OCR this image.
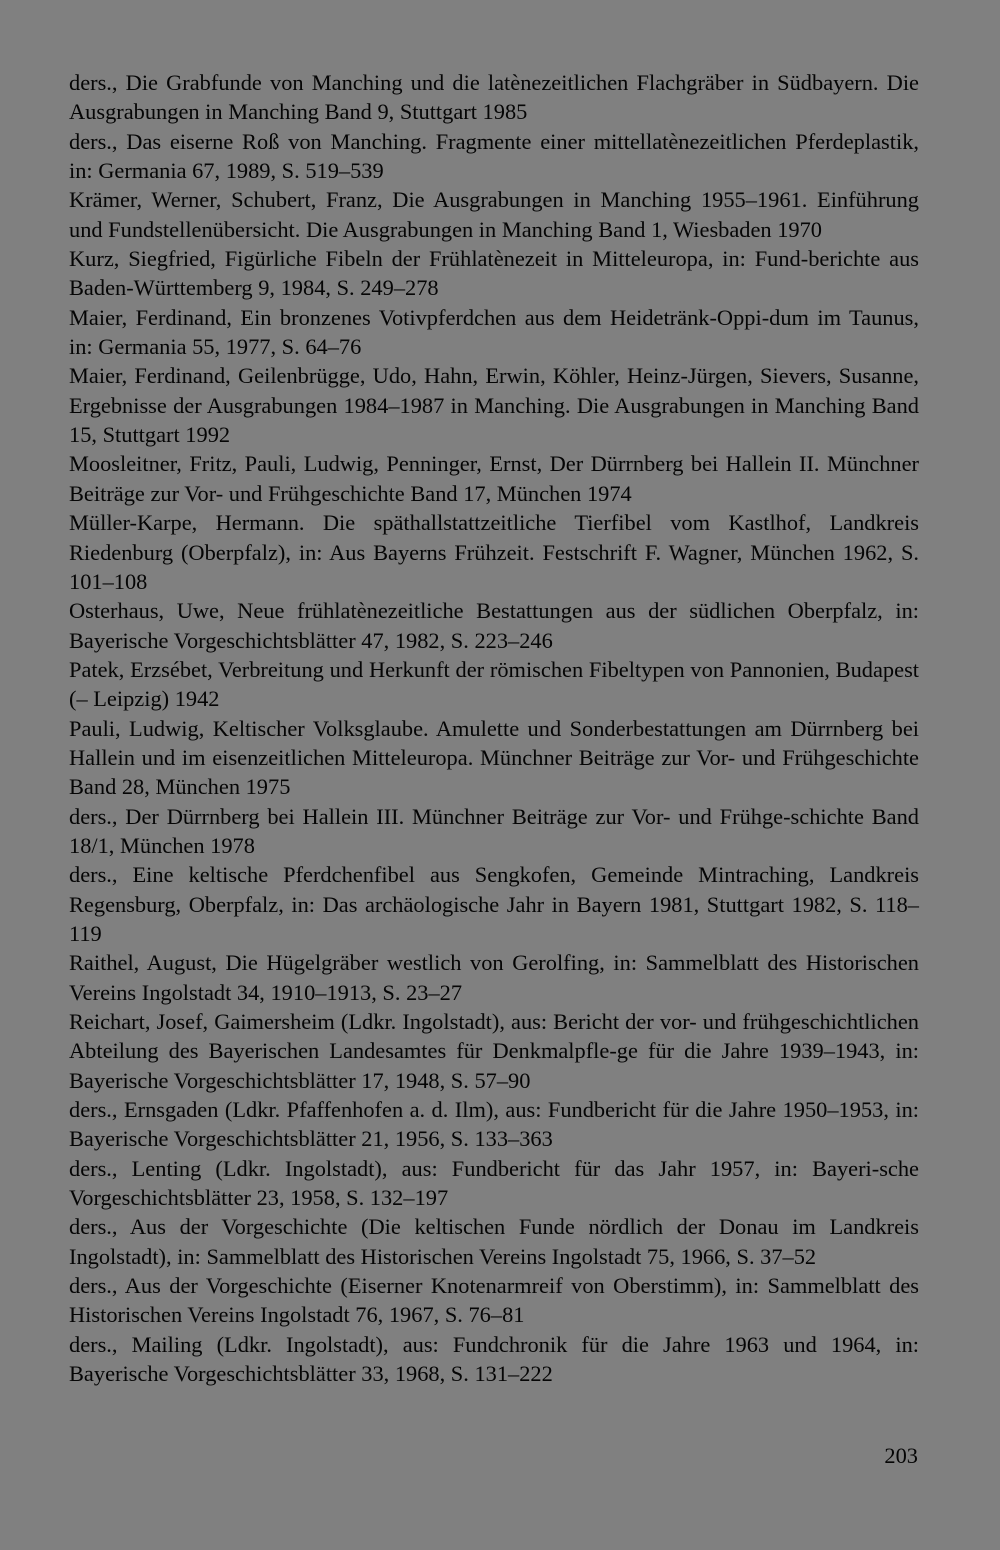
ders., Die Grabfunde von Manching und die latènezeitlichen Flachgräber in Südbayern. Die Ausgrabungen in Manching Band 9, Stuttgart 1985

ders., Das eiserne Roß von Manching. Fragmente einer mittellatènezeitlichen Pferdeplastik, in: Germania 67, 1989, S. 519–539

Krämer, Werner, Schubert, Franz, Die Ausgrabungen in Manching 1955–1961. Einführung und Fundstellenübersicht. Die Ausgrabungen in Manching Band 1, Wiesbaden 1970

Kurz, Siegfried, Figürliche Fibeln der Frühlatènezeit in Mitteleuropa, in: Fund-berichte aus Baden-Württemberg 9, 1984, S. 249–278

Maier, Ferdinand, Ein bronzenes Votivpferdchen aus dem Heidetränk-Oppi-dum im Taunus, in: Germania 55, 1977, S. 64–76

Maier, Ferdinand, Geilenbrügge, Udo, Hahn, Erwin, Köhler, Heinz-Jürgen, Sievers, Susanne, Ergebnisse der Ausgrabungen 1984–1987 in Manching. Die Ausgrabungen in Manching Band 15, Stuttgart 1992

Moosleitner, Fritz, Pauli, Ludwig, Penninger, Ernst, Der Dürrnberg bei Hallein II. Münchner Beiträge zur Vor- und Frühgeschichte Band 17, München 1974

Müller-Karpe, Hermann. Die späthallstattzeitliche Tierfibel vom Kastlhof, Landkreis Riedenburg (Oberpfalz), in: Aus Bayerns Frühzeit. Festschrift F. Wagner, München 1962, S. 101–108

Osterhaus, Uwe, Neue frühlatènezeitliche Bestattungen aus der südlichen Oberpfalz, in: Bayerische Vorgeschichtsblätter 47, 1982, S. 223–246

Patek, Erzsébet, Verbreitung und Herkunft der römischen Fibeltypen von Pannonien, Budapest (– Leipzig) 1942

Pauli, Ludwig, Keltischer Volksglaube. Amulette und Sonderbestattungen am Dürrnberg bei Hallein und im eisenzeitlichen Mitteleuropa. Münchner Beiträge zur Vor- und Frühgeschichte Band 28, München 1975

ders., Der Dürrnberg bei Hallein III. Münchner Beiträge zur Vor- und Frühge-schichte Band 18/1, München 1978

ders., Eine keltische Pferdchenfibel aus Sengkofen, Gemeinde Mintraching, Landkreis Regensburg, Oberpfalz, in: Das archäologische Jahr in Bayern 1981, Stuttgart 1982, S. 118–119

Raithel, August, Die Hügelgräber westlich von Gerolfing, in: Sammelblatt des Historischen Vereins Ingolstadt 34, 1910–1913, S. 23–27

Reichart, Josef, Gaimersheim (Ldkr. Ingolstadt), aus: Bericht der vor- und frühgeschichtlichen Abteilung des Bayerischen Landesamtes für Denkmalpfle-ge für die Jahre 1939–1943, in: Bayerische Vorgeschichtsblätter 17, 1948, S. 57–90

ders., Ernsgaden (Ldkr. Pfaffenhofen a. d. Ilm), aus: Fundbericht für die Jahre 1950–1953, in: Bayerische Vorgeschichtsblätter 21, 1956, S. 133–363

ders., Lenting (Ldkr. Ingolstadt), aus: Fundbericht für das Jahr 1957, in: Bayeri-sche Vorgeschichtsblätter 23, 1958, S. 132–197

ders., Aus der Vorgeschichte (Die keltischen Funde nördlich der Donau im Landkreis Ingolstadt), in: Sammelblatt des Historischen Vereins Ingolstadt 75, 1966, S. 37–52

ders., Aus der Vorgeschichte (Eiserner Knotenarmreif von Oberstimm), in: Sammelblatt des Historischen Vereins Ingolstadt 76, 1967, S. 76–81

ders., Mailing (Ldkr. Ingolstadt), aus: Fundchronik für die Jahre 1963 und 1964, in: Bayerische Vorgeschichtsblätter 33, 1968, S. 131–222

203
